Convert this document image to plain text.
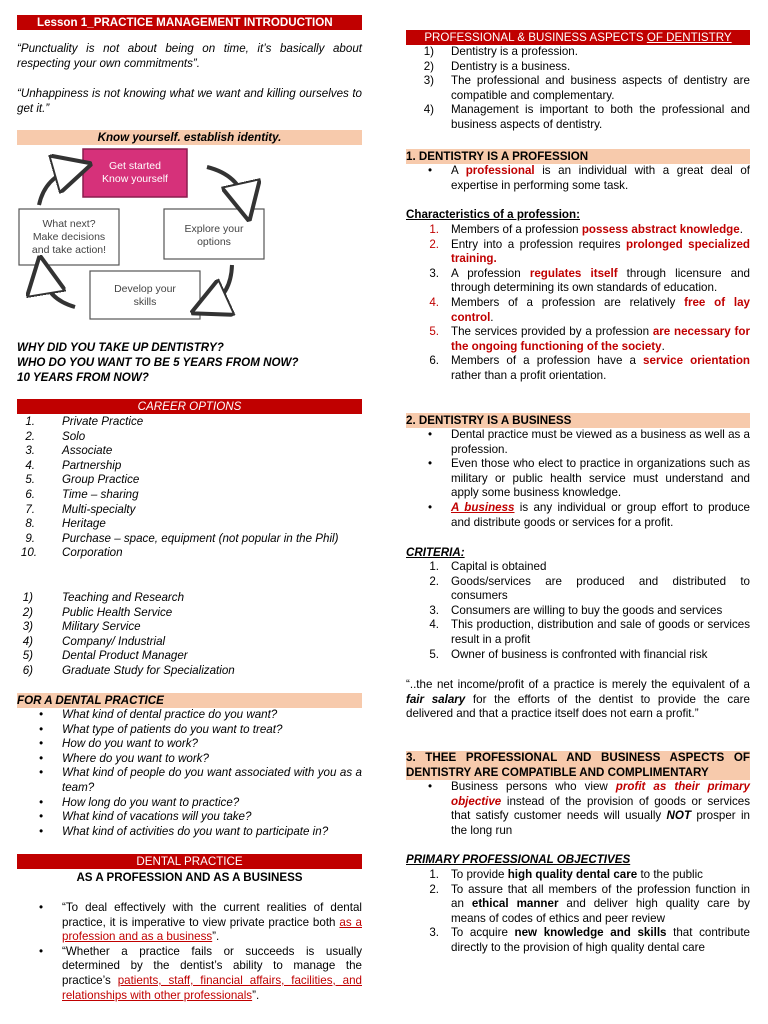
Lesson 1_PRACTICE MANAGEMENT INTRODUCTION
“Punctuality is not about being on time, it’s basically about respecting your own commitments”.
“Unhappiness is not knowing what we want and killing ourselves to get it.”
Know yourself. establish identity.
Get started
Know yourself
Explore your
options
Develop your
skills
What next?
Make decisions
and take action!
WHY DID YOU TAKE UP DENTISTRY?
WHO DO YOU WANT TO BE 5 YEARS FROM NOW?
10 YEARS FROM NOW?
CAREER OPTIONS
1. Private Practice
2. Solo
3. Associate
4. Partnership
5. Group Practice
6. Time – sharing
7. Multi-specialty
8. Heritage
9. Purchase – space, equipment (not popular in the Phil)
10. Corporation
1)	Teaching and Research
2)	Public Health Service
3)	Military Service
4)	Company/ Industrial
5)	Dental Product Manager
6)	Graduate Study for Specialization
FOR A DENTAL PRACTICE
• What kind of dental practice do you want?
• What type of patients do you want to treat?
• How do you want to work?
• Where do you want to work?
• What kind of people do you want associated with you as a team?
• How long do you want to practice?
• What kind of vacations will you take?
• What kind of activities do you want to participate in?
DENTAL PRACTICE
AS A PROFESSION AND AS A BUSINESS
• “To deal effectively with the current realities of dental practice, it is imperative to view private practice both as a profession and as a business”.
• “Whether a practice fails or succeeds is usually determined by the dentist’s ability to manage the practice’s patients, staff, financial affairs, facilities, and relationships with other professionals”.
PROFESSIONAL & BUSINESS ASPECTS OF DENTISTRY
1) Dentistry is a profession.
2) Dentistry is a business.
3) The professional and business aspects of dentistry are compatible and complementary.
4) Management is important to both the professional and business aspects of dentistry.
1. DENTISTRY IS A PROFESSION
• A professional is an individual with a great deal of expertise in performing some task.
Characteristics of a profession:
1. Members of a profession possess abstract knowledge.
2. Entry into a profession requires prolonged specialized training.
3. A profession regulates itself through licensure and through determining its own standards of education.
4. Members of a profession are relatively free of lay control.
5. The services provided by a profession are necessary for the ongoing functioning of the society.
6. Members of a profession have a service orientation rather than a profit orientation.
2. DENTISTRY IS A BUSINESS
• Dental practice must be viewed as a business as well as a profession.
• Even those who elect to practice in organizations such as military or public health service must understand and apply some business knowledge.
• A business is any individual or group effort to produce and distribute goods or services for a profit.
CRITERIA:
1. Capital is obtained
2. Goods/services are produced and distributed to consumers
3. Consumers are willing to buy the goods and services
4. This production, distribution and sale of goods or services result in a profit
5. Owner of business is confronted with financial risk
“..the net income/profit of a practice is merely the equivalent of a fair salary for the efforts of the dentist to provide the care delivered and that a practice itself does not earn a profit.”
3. THEE PROFESSIONAL AND BUSINESS ASPECTS OF DENTISTRY ARE COMPATIBLE AND COMPLIMENTARY
• Business persons who view profit as their primary objective instead of the provision of goods or services that satisfy customer needs will usually NOT prosper in the long run
PRIMARY PROFESSIONAL OBJECTIVES
1. To provide high quality dental care to the public
2. To assure that all members of the profession function in an ethical manner and deliver high quality care by means of codes of ethics and peer review
3. To acquire new knowledge and skills that contribute directly to the provision of high quality dental care
